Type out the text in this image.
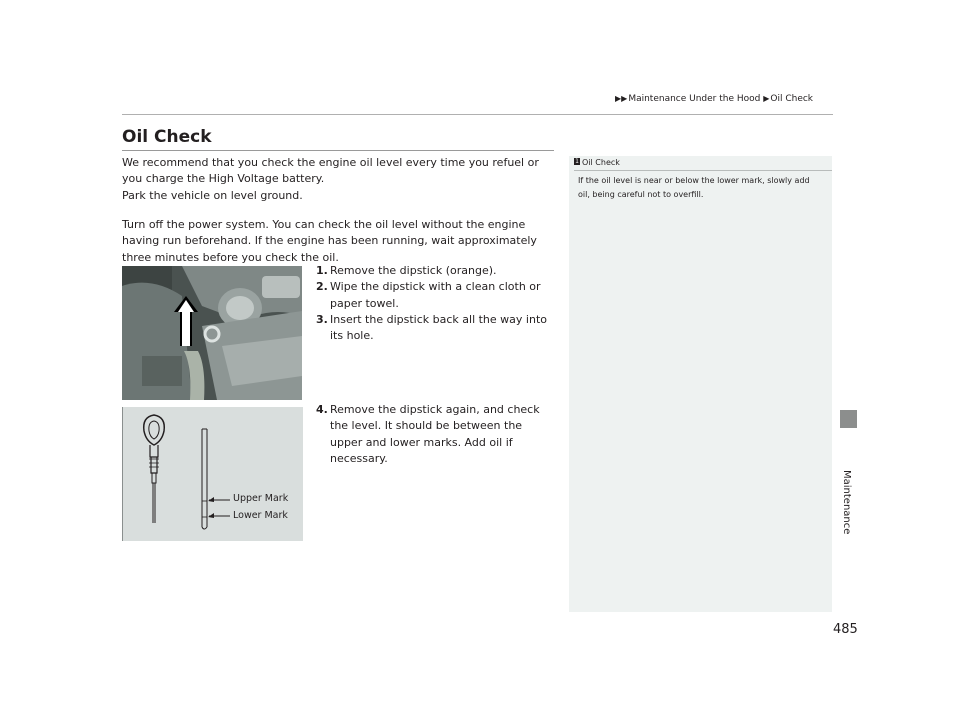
▶▶Maintenance Under the Hood ▶Oil Check
Oil Check
We recommend that you check the engine oil level every time you refuel or you charge the High Voltage battery.
Park the vehicle on level ground.
Turn off the power system. You can check the oil level without the engine having run beforehand. If the engine has been running, wait approximately three minutes before you check the oil.
1. Remove the dipstick (orange).
2. Wipe the dipstick with a clean cloth or paper towel.
3. Insert the dipstick back all the way into its hole.
Upper Mark
Lower Mark
4. Remove the dipstick again, and check the level. It should be between the upper and lower marks. Add oil if necessary.
1 Oil Check
If the oil level is near or below the lower mark, slowly add oil, being careful not to overfill.
Maintenance
485
